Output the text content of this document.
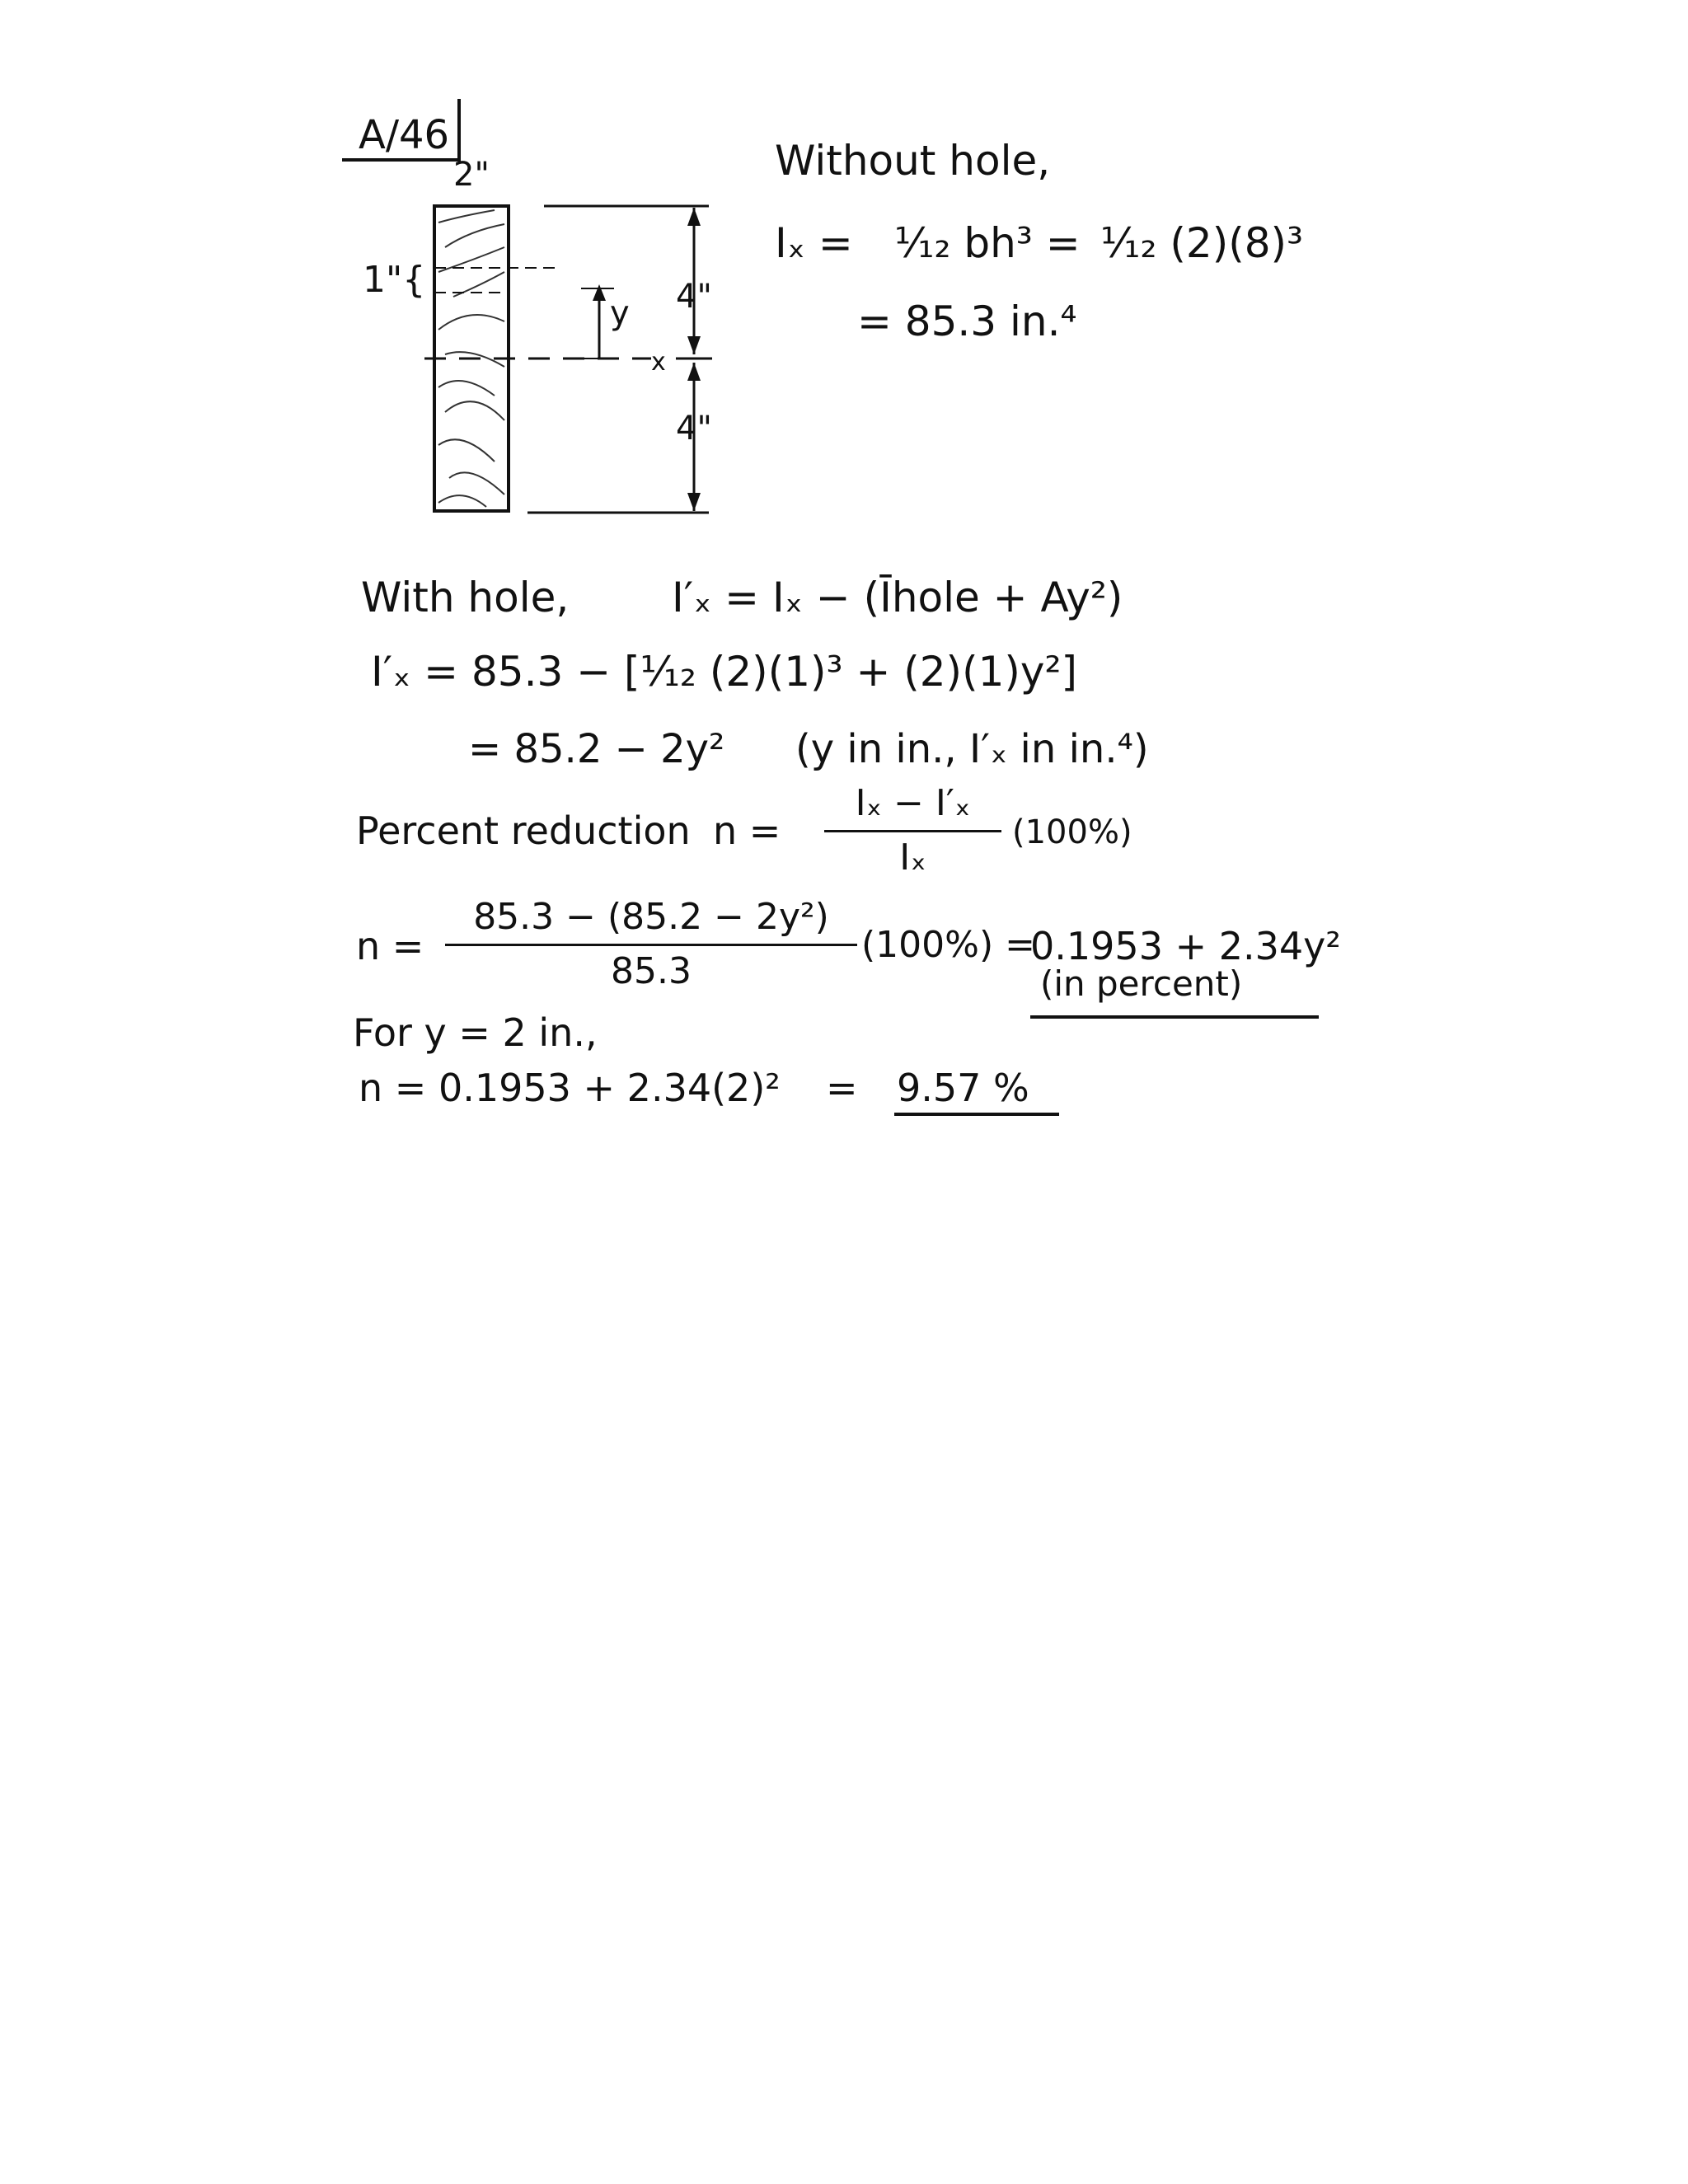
A/46
2"
1"{
y
x
4"
4"
Without hole,
Iₓ = ¹⁄₁₂ bh³ = ¹⁄₁₂ (2)(8)³
= 85.3 in.⁴
With hole, I′ₓ = Iₓ − (Īhole + Ay²)
I′ₓ = 85.3 − [¹⁄₁₂ (2)(1)³ + (2)(1)y²]
= 85.2 − 2y² (y in in., I′ₓ in in.⁴)
Percent reduction n =
Iₓ − I′ₓ
Iₓ
(100%)
n =
85.3 − (85.2 − 2y²)
85.3
(100%) =
0.1953 + 2.34y²
(in percent)
For y = 2 in.,
n = 0.1953 + 2.34(2)² = 9.57 %
